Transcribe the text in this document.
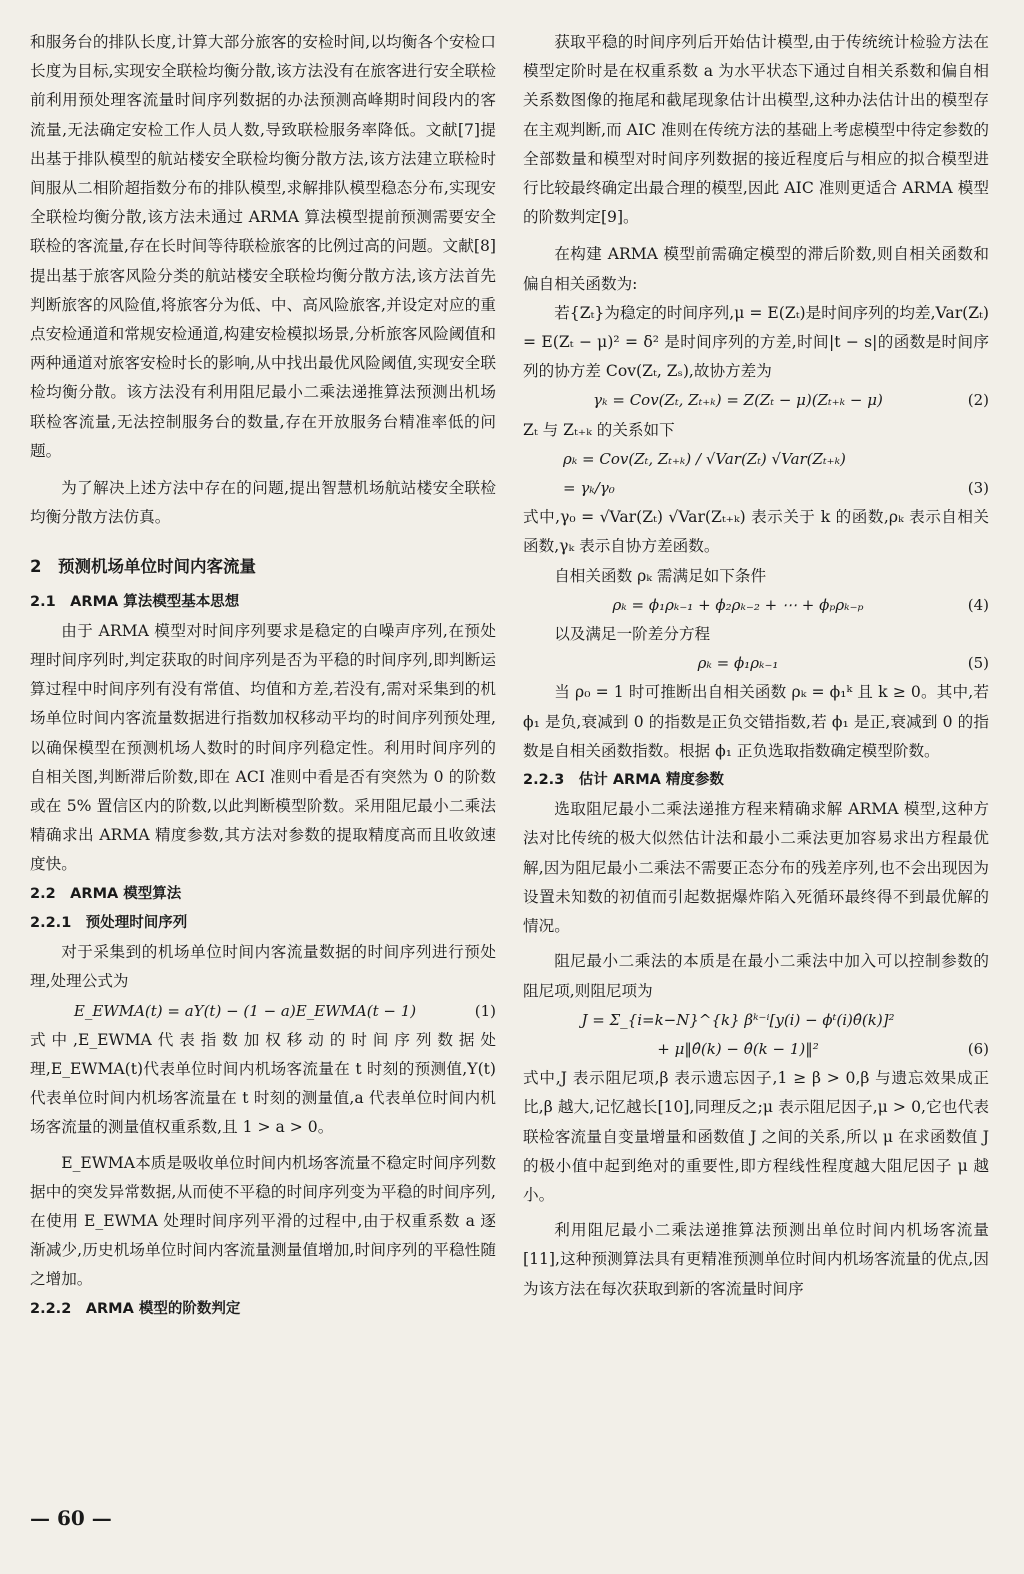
和服务台的排队长度,计算大部分旅客的安检时间,以均衡各个安检口长度为目标,实现安全联检均衡分散,该方法没有在旅客进行安全联检前利用预处理客流量时间序列数据的办法预测高峰期时间段内的客流量,无法确定安检工作人员人数,导致联检服务率降低。文献[7]提出基于排队模型的航站楼安全联检均衡分散方法,该方法建立联检时间服从二相阶超指数分布的排队模型,求解排队模型稳态分布,实现安全联检均衡分散,该方法未通过 ARMA 算法模型提前预测需要安全联检的客流量,存在长时间等待联检旅客的比例过高的问题。文献[8]提出基于旅客风险分类的航站楼安全联检均衡分散方法,该方法首先判断旅客的风险值,将旅客分为低、中、高风险旅客,并设定对应的重点安检通道和常规安检通道,构建安检模拟场景,分析旅客风险阈值和两种通道对旅客安检时长的影响,从中找出最优风险阈值,实现安全联检均衡分散。该方法没有利用阻尼最小二乘法递推算法预测出机场联检客流量,无法控制服务台的数量,存在开放服务台精准率低的问题。

为了解决上述方法中存在的问题,提出智慧机场航站楼安全联检均衡分散方法仿真。

2　预测机场单位时间内客流量
2.1　ARMA 算法模型基本思想

由于 ARMA 模型对时间序列要求是稳定的白噪声序列,在预处理时间序列时,判定获取的时间序列是否为平稳的时间序列,即判断运算过程中时间序列有没有常值、均值和方差,若没有,需对采集到的机场单位时间内客流量数据进行指数加权移动平均的时间序列预处理,以确保模型在预测机场人数时的时间序列稳定性。利用时间序列的自相关图,判断滞后阶数,即在 ACI 准则中看是否有突然为 0 的阶数或在 5% 置信区内的阶数,以此判断模型阶数。采用阻尼最小二乘法精确求出 ARMA 精度参数,其方法对参数的提取精度高而且收敛速度快。

2.2　ARMA 模型算法
2.2.1　预处理时间序列

对于采集到的机场单位时间内客流量数据的时间序列进行预处理,处理公式为

E_EWMA(t) = aY(t) − (1 − a)E_EWMA(t − 1)	(1)

式中,E_EWMA代表指数加权移动的时间序列数据处理,E_EWMA(t)代表单位时间内机场客流量在 t 时刻的预测值,Y(t)代表单位时间内机场客流量在 t 时刻的测量值,a 代表单位时间内机场客流量的测量值权重系数,且 1 > a > 0。

E_EWMA本质是吸收单位时间内机场客流量不稳定时间序列数据中的突发异常数据,从而使不平稳的时间序列变为平稳的时间序列,在使用 E_EWMA 处理时间序列平滑的过程中,由于权重系数 a 逐渐减少,历史机场单位时间内客流量测量值增加,时间序列的平稳性随之增加。

2.2.2　ARMA 模型的阶数判定

获取平稳的时间序列后开始估计模型,由于传统统计检验方法在模型定阶时是在权重系数 a 为水平状态下通过自相关系数和偏自相关系数图像的拖尾和截尾现象估计出模型,这种办法估计出的模型存在主观判断,而 AIC 准则在传统方法的基础上考虑模型中待定参数的全部数量和模型对时间序列数据的接近程度后与相应的拟合模型进行比较最终确定出最合理的模型,因此 AIC 准则更适合 ARMA 模型的阶数判定[9]。

在构建 ARMA 模型前需确定模型的滞后阶数,则自相关函数和偏自相关函数为:

若{Zₜ}为稳定的时间序列,μ = E(Zₜ)是时间序列的均差,Var(Zₜ) = E(Zₜ − μ)² = δ² 是时间序列的方差,时间|t − s|的函数是时间序列的协方差 Cov(Zₜ, Zₛ),故协方差为

γₖ = Cov(Zₜ, Zₜ₊ₖ) = Z(Zₜ − μ)(Zₜ₊ₖ − μ)	(2)

Zₜ 与 Zₜ₊ₖ 的关系如下

ρₖ = Cov(Zₜ, Zₜ₊ₖ) / √Var(Zₜ) √Var(Zₜ₊ₖ)
= γₖ/γ₀	(3)

式中,γ₀ = √Var(Zₜ) √Var(Zₜ₊ₖ) 表示关于 k 的函数,ρₖ 表示自相关函数,γₖ 表示自协方差函数。

自相关函数 ρₖ 需满足如下条件

ρₖ = ϕ₁ρₖ₋₁ + ϕ₂ρₖ₋₂ + ⋯ + ϕₚρₖ₋ₚ	(4)

以及满足一阶差分方程

ρₖ = ϕ₁ρₖ₋₁	(5)

当 ρ₀ = 1 时可推断出自相关函数 ρₖ = ϕ₁ᵏ 且 k ≥ 0。其中,若 ϕ₁ 是负,衰减到 0 的指数是正负交错指数,若 ϕ₁ 是正,衰减到 0 的指数是自相关函数指数。根据 ϕ₁ 正负选取指数确定模型阶数。

2.2.3　估计 ARMA 精度参数

选取阻尼最小二乘法递推方程来精确求解 ARMA 模型,这种方法对比传统的极大似然估计法和最小二乘法更加容易求出方程最优解,因为阻尼最小二乘法不需要正态分布的残差序列,也不会出现因为设置未知数的初值而引起数据爆炸陷入死循环最终得不到最优解的情况。

阻尼最小二乘法的本质是在最小二乘法中加入可以控制参数的阻尼项,则阻尼项为

J = Σ_{i=k−N}^{k} βᵏ⁻ⁱ[y(i) − ϕᵗ(i)θ̂(k)]²
+ μ‖θ̂(k) − θ̂(k − 1)‖²	(6)

式中,J 表示阻尼项,β 表示遗忘因子,1 ≥ β > 0,β 与遗忘效果成正比,β 越大,记忆越长[10],同理反之;μ 表示阻尼因子,μ > 0,它也代表联检客流量自变量增量和函数值 J 之间的关系,所以 μ 在求函数值 J 的极小值中起到绝对的重要性,即方程线性程度越大阻尼因子 μ 越小。

利用阻尼最小二乘法递推算法预测出单位时间内机场客流量[11],这种预测算法具有更精准预测单位时间内机场客流量的优点,因为该方法在每次获取到新的客流量时间序

— 60 —
